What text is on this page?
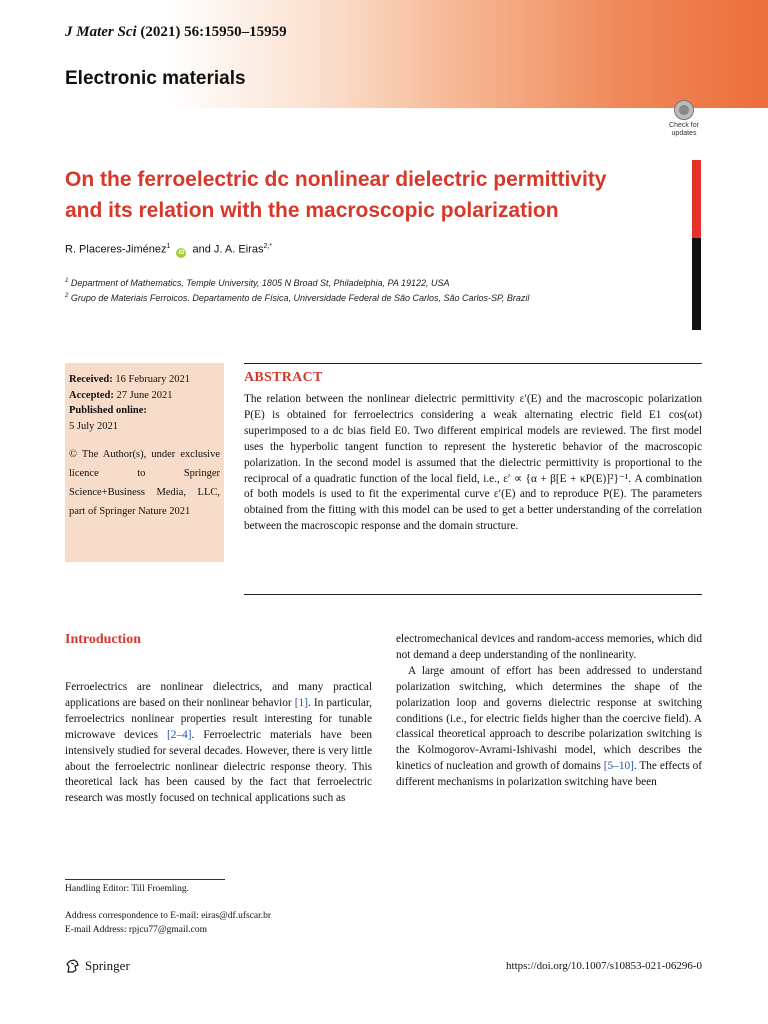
J Mater Sci (2021) 56:15950–15959
Electronic materials
Check for
updates
On the ferroelectric dc nonlinear dielectric permittivity
and its relation with the macroscopic polarization
R. Placeres-Jiménez$^1$ iD and J. A. Eiras$^{2,*}$
$^1$ Department of Mathematics, Temple University, 1805 N Broad St, Philadelphia, PA 19122, USA
$^2$ Grupo de Materiais Ferroicos. Departamento de Física, Universidade Federal de São Carlos, São Carlos-SP, Brazil

Received: 16 February 2021

Accepted: 27 June 2021

Published online:

5 July 2021

© The Author(s), under exclusive licence to Springer Science+Business Media, LLC, part of Springer Nature 2021

ABSTRACT

The relation between the nonlinear dielectric permittivity ε′(E) and the macroscopic polarization P(E) is obtained for ferroelectrics considering a weak alternating electric field E1 cos(ωt) superimposed to a dc bias field E0. Two different empirical models are reviewed. The first model uses the hyperbolic tangent function to represent the hysteretic behavior of the macroscopic polarization. In the second model is assumed that the dielectric permittivity is proportional to the reciprocal of a quadratic function of the local field, i.e., ε′ ∝ {α + β[E + κP(E)]²}⁻¹. A combination of both models is used to fit the experimental curve ε′(E) and to reproduce P(E). The parameters obtained from the fitting with this model can be used to get a better understanding of the correlation between the macroscopic response and the domain structure.

Introduction

Ferroelectrics are nonlinear dielectrics, and many practical applications are based on their nonlinear behavior [1]. In particular, ferroelectrics nonlinear properties result interesting for tunable microwave devices [2–4]. Ferroelectric materials have been intensively studied for several decades. However, there is very little about the ferroelectric nonlinear dielectric response theory. This theoretical lack has been caused by the fact that ferroelectric research was mostly focused on technical applications such as

electromechanical devices and random-access memories, which did not demand a deep understanding of the nonlinearity.

A large amount of effort has been addressed to understand polarization switching, which determines the shape of the polarization loop and governs dielectric response at switching conditions (i.e., for electric fields higher than the coercive field). A classical theoretical approach to describe polarization switching is the Kolmogorov-Avrami-Ishivashi model, which describes the kinetics of nucleation and growth of domains [5–10]. The effects of different mechanisms in polarization switching have been

Handling Editor: Till Froemling.
Address correspondence to E-mail: eiras@df.ufscar.br
E-mail Address: rpjcu77@gmail.com
Springer	https://doi.org/10.1007/s10853-021-06296-0
